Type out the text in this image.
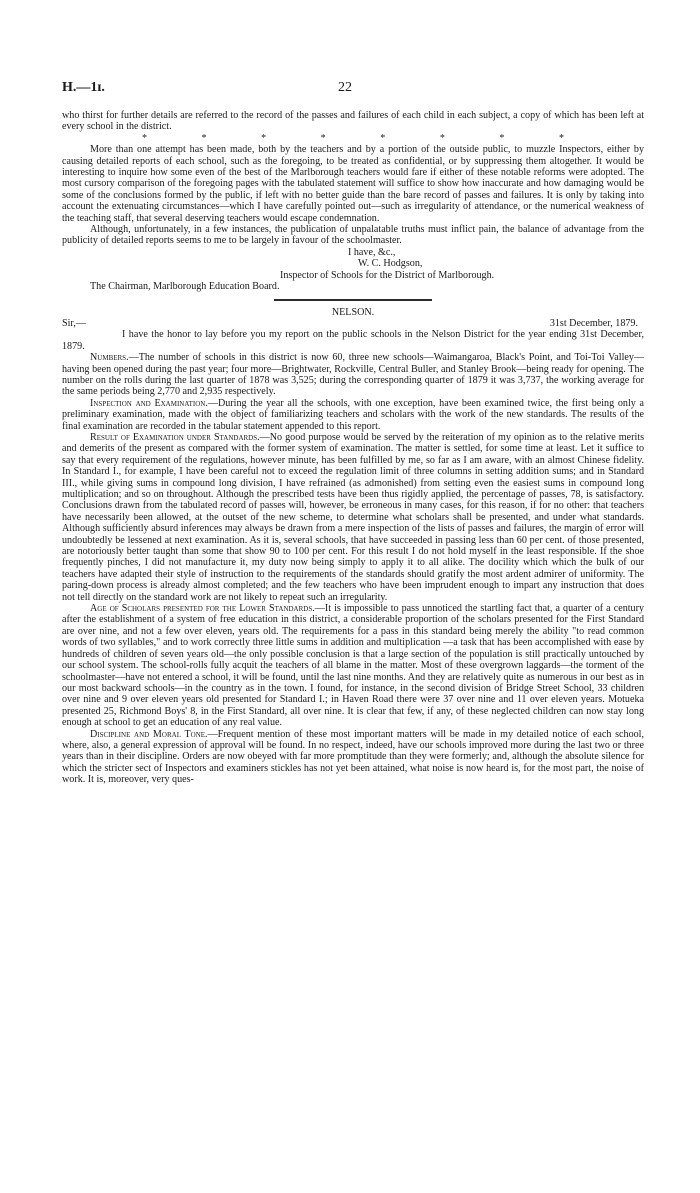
H.—1ɪ.	22

who thirst for further details are referred to the record of the passes and failures of each child in each subject, a copy of which has been left at every school in the district.

* * * * * * * *

More than one attempt has been made, both by the teachers and by a portion of the outside public, to muzzle Inspectors, either by causing detailed reports of each school, such as the foregoing, to be treated as confidential, or by suppressing them altogether. It would be interesting to inquire how some even of the best of the Marlborough teachers would fare if either of these notable reforms were adopted. The most cursory comparison of the foregoing pages with the tabulated statement will suffice to show how inaccurate and how damaging would be some of the conclusions formed by the public, if left with no better guide than the bare record of passes and failures. It is only by taking into account the extenuating circumstances—which I have carefully pointed out—such as irregularity of attendance, or the numerical weakness of the teaching staff, that several deserving teachers would escape condemnation.

Although, unfortunately, in a few instances, the publication of unpalatable truths must inflict pain, the balance of advantage from the publicity of detailed reports seems to me to be largely in favour of the schoolmaster.

I have, &c.,

W. C. Hodgson,

Inspector of Schools for the District of Marlborough.

The Chairman, Marlborough Education Board.

NELSON.

Sir,—	31st December, 1879.

I have the honor to lay before you my report on the public schools in the Nelson District for the year ending 31st December, 1879.

Numbers.—The number of schools in this district is now 60, three new schools—Waimangaroa, Black's Point, and Toi-Toi Valley—having been opened during the past year; four more—Brightwater, Rockville, Central Buller, and Stanley Brook—being ready for opening. The number on the rolls during the last quarter of 1878 was 3,525; during the corresponding quarter of 1879 it was 3,737, the working average for the same periods being 2,770 and 2,935 respectively.

Inspection and Examination.—During the year all the schools, with one exception, have been examined twice, the first being only a preliminary examination, made with the object of familiarizing teachers and scholars with the work of the new standards. The results of the final examination are recorded in the tabular statement appended to this report.

Result of Examination under Standards.—No good purpose would be served by the reiteration of my opinion as to the relative merits and demerits of the present as compared with the former system of examination. The matter is settled, for some time at least. Let it suffice to say that every requirement of the regulations, however minute, has been fulfilled by me, so far as I am aware, with an almost Chinese fidelity. In Standard I., for example, I have been careful not to exceed the regulation limit of three columns in setting addition sums; and in Standard III., while giving sums in compound long division, I have refrained (as admonished) from setting even the easiest sums in compound long multiplication; and so on throughout. Although the prescribed tests have been thus rigidly applied, the percentage of passes, 78, is satisfactory. Conclusions drawn from the tabulated record of passes will, however, be erroneous in many cases, for this reason, if for no other: that teachers have necessarily been allowed, at the outset of the new scheme, to determine what scholars shall be presented, and under what standards. Although sufficiently absurd inferences may always be drawn from a mere inspection of the lists of passes and failures, the margin of error will undoubtedly be lessened at next examination. As it is, several schools, that have succeeded in passing less than 60 per cent. of those presented, are notoriously better taught than some that show 90 to 100 per cent. For this result I do not hold myself in the least responsible. If the shoe frequently pinches, I did not manufacture it, my duty now being simply to apply it to all alike. The docility which which the bulk of our teachers have adapted their style of instruction to the requirements of the standards should gratify the most ardent admirer of uniformity. The paring-down process is already almost completed; and the few teachers who have been imprudent enough to impart any instruction that does not tell directly on the standard work are not likely to repeat such an irregularity.

Age of Scholars presented for the Lower Standards.—It is impossible to pass unnoticed the startling fact that, a quarter of a century after the establishment of a system of free education in this district, a considerable proportion of the scholars presented for the First Standard are over nine, and not a few over eleven, years old. The requirements for a pass in this standard being merely the ability "to read common words of two syllables," and to work correctly three little sums in addition and multiplication —a task that has been accomplished with ease by hundreds of children of seven years old—the only possible conclusion is that a large section of the population is still practically untouched by our school system. The school-rolls fully acquit the teachers of all blame in the matter. Most of these overgrown laggards—the torment of the schoolmaster—have not entered a school, it will be found, until the last nine months. And they are relatively quite as numerous in our best as in our most backward schools—in the country as in the town. I found, for instance, in the second division of Bridge Street School, 33 children over nine and 9 over eleven years old presented for Standard I.; in Haven Road there were 37 over nine and 11 over eleven years. Motueka presented 25, Richmond Boys' 8, in the First Standard, all over nine. It is clear that few, if any, of these neglected children can now stay long enough at school to get an education of any real value.

Discipline and Moral Tone.—Frequent mention of these most important matters will be made in my detailed notice of each school, where, also, a general expression of approval will be found. In no respect, indeed, have our schools improved more during the last two or three years than in their discipline. Orders are now obeyed with far more promptitude than they were formerly; and, although the absolute silence for which the stricter sect of Inspectors and examiners stickles has not yet been attained, what noise is now heard is, for the most part, the noise of work. It is, moreover, very ques-
